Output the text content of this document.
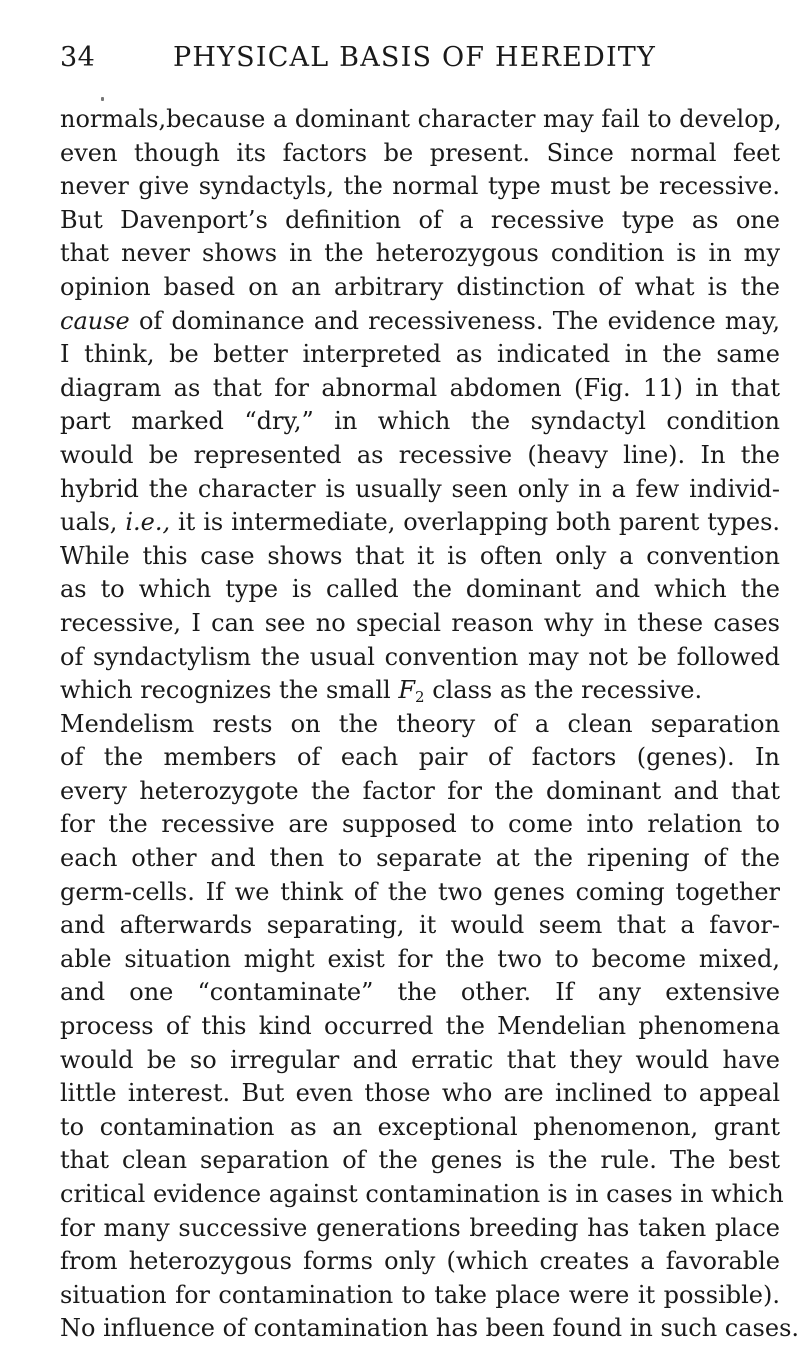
34	PHYSICAL BASIS OF HEREDITY
normals,because a dominant character may fail to develop,
even though its factors be present. Since normal feet
never give syndactyls, the normal type must be recessive.
But Davenport’s definition of a recessive type as one
that never shows in the heterozygous condition is in my
opinion based on an arbitrary distinction of what is the
cause of dominance and recessiveness. The evidence may,
I think, be better interpreted as indicated in the same
diagram as that for abnormal abdomen (Fig. 11) in that
part marked “dry,” in which the syndactyl condition
would be represented as recessive (heavy line). In the
hybrid the character is usually seen only in a few individ-
uals, i.e., it is intermediate, overlapping both parent types.
While this case shows that it is often only a convention
as to which type is called the dominant and which the
recessive, I can see no special reason why in these cases
of syndactylism the usual convention may not be followed
which recognizes the small $F_2$ class as the recessive.
Mendelism rests on the theory of a clean separation
of the members of each pair of factors (genes). In
every heterozygote the factor for the dominant and that
for the recessive are supposed to come into relation to
each other and then to separate at the ripening of the
germ-cells. If we think of the two genes coming together
and afterwards separating, it would seem that a favor-
able situation might exist for the two to become mixed,
and one “contaminate” the other. If any extensive
process of this kind occurred the Mendelian phenomena
would be so irregular and erratic that they would have
little interest. But even those who are inclined to appeal
to contamination as an exceptional phenomenon, grant
that clean separation of the genes is the rule. The best
critical evidence against contamination is in cases in which
for many successive generations breeding has taken place
from heterozygous forms only (which creates a favorable
situation for contamination to take place were it possible).
No influence of contamination has been found in such cases.
